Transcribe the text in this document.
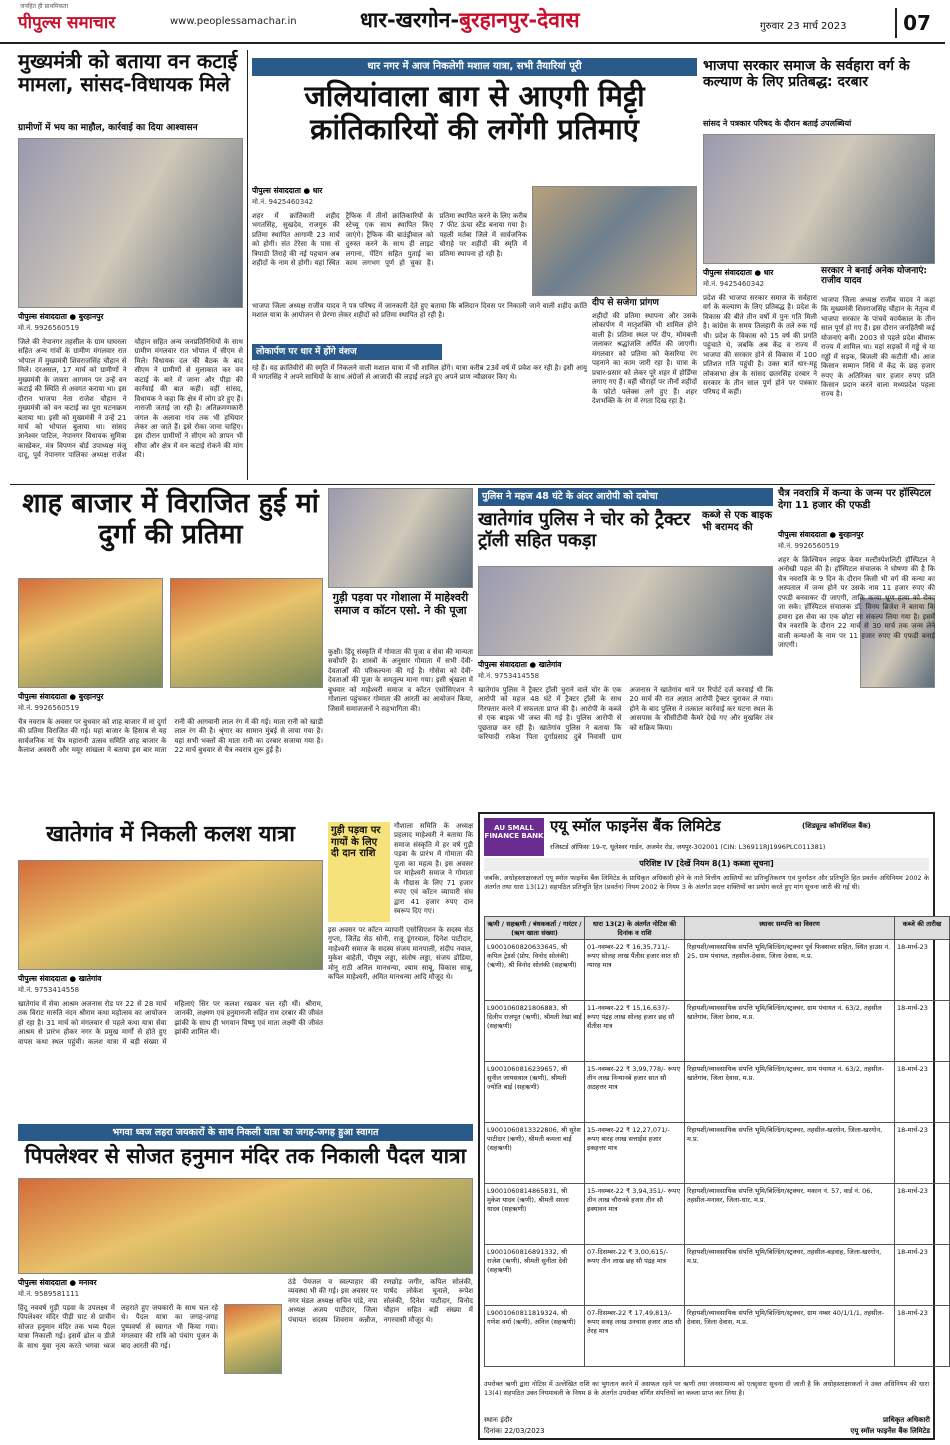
पीपुल्स समाचार
जनहित ही प्राथमिकता
www.peoplessamachar.in	धार-खरगोन-बुरहानपुर-देवास	गुरुवार 23 मार्च 2023	07
मुख्यमंत्री को बताया वन कटाई मामला, सांसद-विधायक मिले
ग्रामीणों में भय का माहौल, कार्रवाई का दिया आश्वासन
पीपुल्स संवाददाता ● बुरहानपुर
मो.नं. 9926560519
जिले की नेपानगर तहसील के ग्राम घाघरला सहित अन्य गांवों के ग्रामीण मंगलवार रात भोपाल में मुख्यमंत्री शिवराजसिंह चौहान से मिले। दरअसल, 17 मार्च को ग्रामीणों ने मुख्यमंत्री के जावरा आगमन पर उन्हें वन कटाई की स्थिति से अवगत कराया था। इस दौरान भाजपा नेता राजेश चौहान ने मुख्यमंत्री को वन कटाई का पूरा घटनाक्रम बताया था। इसी को मुख्यमंत्री ने उन्हें 21 मार्च को भोपाल बुलाया था। सांसद ज्ञानेश्वर पाटिल, नेपानगर विधायक सुमित्रा कास्डेकर, मंत्र विपणन बोर्ड उपाध्यक्ष मंजू दादू, पूर्व नेपानगर पालिका अध्यक्ष राजेश चौहान सहित अन्य जनप्रतिनिधियों के साथ ग्रामीण मंगलवार रात भोपाल में सीएम से मिले। विधायक दल की बैठक के बाद सीएम ने ग्रामीणों से मुलाकात कर वन कटाई के बारे में जाना और पीड़ा की कार्रवाई की बात कही। वहीं सांसद, विधायक ने कहा कि क्षेत्र में लोग डरे हुए हैं। नाराजी जताई जा रही है। अतिक्रमणकारी जंगल के अलावा गांव तक भी हथियार लेकर आ जाते हैं। इसे रोका जाना चाहिए। इस दौरान ग्रामीणों ने सीएम को ज्ञापन भी सौंपा और क्षेत्र में वन कटाई रोकने की मांग की।
धार नगर में आज निकलेगी मशाल यात्रा, सभी तैयारियां पूरी
जलियांवाला बाग से आएगी मिट्टी क्रांतिकारियों की लगेंगी प्रतिमाएं
पीपुल्स संवाददाता ● धार
मो.नं. 9425460342
शहर में क्रांतिकारी शहीद भगतसिंह, सुखदेव, राजगुरु की प्रतिमा स्थापित आगामी 23 मार्च को होगी। संत टेरेसा के पास से त्रिपाठी तिराहे की नई पहचान अब शहीदों के नाम से होगी। यहां स्थित ट्रैफिक में तीनों क्रांतिकारियों के स्टेच्यू एक साथ स्थापित किए जाएंगे। ट्रैफिक की बाउंड्रीवाल को दुरुस्त करने के साथ ही लाइट लगाना, पेंटिंग सहित पुताई का काम लगभग पूर्ण हो चुका है। प्रतिमा स्थापित करने के लिए करीब 7 फीट ऊंचा स्टैंड बनाया गया है। पहली मर्तबा जिले में सार्वजनिक चौराहे पर शहीदों की स्मृति में प्रतिमा स्थापना हो रही है।
दीप से सजेगा प्रांगण
शहीदों की प्रतिमा स्थापना और उसके लोकार्पण में मातृशक्ति भी शामिल होने वाली है। प्रतिमा स्थल पर दीप, मोमबत्ती जलाकर श्रद्धांजलि अर्पित की जाएगी। मंगलवार को प्रतिमा को केसरिया रंग पहनाने का काम जारी रहा है। यात्रा के प्रचार-प्रसार को लेकर पूरे शहर में होर्डिंग्स लगाए गए हैं। वहीं चौराहों पर तीनों शहीदों के फोटो फ्लेक्स लगे हुए हैं। शहर देशभक्ति के रंग में रंगता दिख रहा है।
भाजपा जिला अध्यक्ष राजीव यादव ने पत्र परिषद में जानकारी देते हुए बताया कि बलिदान दिवस पर निकाली जाने वाली शहीद क्रांति मशाल यात्रा के आयोजन से प्रेरणा लेकर शहीदों को प्रतिमा स्थापित हो रही है।
लोकार्पण पर धार में होंगे वंशज
रहे हैं। यह क्रांतिवीरों की स्मृति में निकलने वाली मशाल यात्रा में भी शामिल होंगे। यात्रा करीब 23वें वर्ष में प्रवेश कर रही है। इसी आयु में भगतसिंह ने अपने साथियों के साथ अंग्रेजों से आजादी की लड़ाई लड़ते हुए अपने प्राण न्यौछावर किए थे।
भाजपा सरकार समाज के सर्वहारा वर्ग के कल्याण के लिए प्रतिबद्ध: दरबार
सांसद ने पत्रकार परिषद के दौरान बताई उपलब्धियां
पीपुल्स संवाददाता ● धार
मो.नं. 9425460342
प्रदेश की भाजपा सरकार समाज के सर्वहारा वर्ग के कल्याण के लिए प्रतिबद्ध है। प्रदेश के विकास की बीते तीन वर्षों में पुनः गति मिली है। कांग्रेस के समय तिलहारी के तले रुक गई थी। प्रदेश के विकास को 15 वर्ष की प्रगति पहुंचाते थे, जबकि अब केंद्र व राज्य में भाजपा की सरकार होने से विकास में 100 प्रतिशत गति पहुंची है। उक्त बातें धार-महू लोकसभा क्षेत्र के सांसद छतरसिंह दरबार ने सरकार के तीन साल पूर्ण होने पर पत्रकार परिषद में कहीं।
सरकार ने बनाई अनेक योजनाएं: राजीव यादव
भाजपा जिला अध्यक्ष राजीव यादव ने कहा कि मुख्यमंत्री शिवराजसिंह चौहान के नेतृत्व में भाजपा सरकार के पांचवें कार्यकाल के तीन साल पूर्ण हो गए हैं। इस दौरान जनहितैषी कई योजनाएं बनीं। 2003 से पहले प्रदेश बीमारू राज्य में शामिल था। यहां सड़कों में गड्ढे थे या गड्ढों में सड़क, बिजली की कटौती थी। आज किसान सम्मान निधि में केंद्र के छह हजार रुपए के अतिरिक्त चार हजार रुपए प्रति किसान प्रदान करने वाला मध्यप्रदेश पहला राज्य है।
शाह बाजार में विराजित हुई मां दुर्गा की प्रतिमा
पीपुल्स संवाददाता ● बुरहानपुर
मो.नं. 9926560519
चैत्र नवरात्र के अवसर पर बुधवार को शाह बाजार में मां दुर्गा की प्रतिमा विराजित की गई। यहां बाजार के हिसाब से यह सार्वजनिक मां चैत्र महारानी उत्सव समिति शाह बाजार के कैलाश अवसरी और मयूर सांखला ने बताया इस बार माता रानी की आगवानी लाल रंग में की गई। माता रानी को खाडी लाल रंग की है। श्रृंगार का सामान मुंबई से लाया गया है। यहां सभी भक्तों की माता रानी का दरबार सजाया गया है। 22 मार्च बुधवार से चैत्र नवरात्र शुरू हुई है।
खातेगांव में निकली कलश यात्रा
पीपुल्स संवाददाता ● खातेगांव
मो.नं. 9753414558
खातेगांव में सेवा आश्रम अजनास रोड पर 22 से 28 मार्च तक विराट मारुति नंदन श्रीराम कथा महोत्सव का आयोजन हो रहा है। 31 मार्च को मंगलवार से पहले कथा यात्रा सेवा आश्रम से प्रारंभ होकर नगर के प्रमुख मार्गों से होते हुए वापस कथा स्थल पहुंची। कलश यात्रा में बड़ी संख्या में महिलाएं सिर पर कलश रखकर चल रही थीं। श्रीराम, जानकी, लक्ष्मण एवं हनुमानजी सहित राम दरबार की जीवंत झांकी के साथ ही भगवान विष्णु एवं माता लक्ष्मी की जीवंत झांकी शामिल थी।
गुड़ी पड़वा पर गोशाला में माहेश्वरी समाज व कॉटन एसो. ने की पूजा
कुक्षी। हिंदू संस्कृति में गोमाता की पूजा व सेवा की मान्यता सर्वोपरि है। शास्त्रों के अनुसार गोमाता में सभी देवी-देवताओं की परिकल्पना की गई है। गोसेवा को देवी-देवताओं की पूजा के समतुल्य माना गया। इसी श्रृंखला में बुधवार को माहेश्वरी समाज व कॉटन एसोसिएशन ने गोशाला पहुंचकर गोमाता की आरती का आयोजन किया, जिसमें समाजजनों ने सहभागिता की।
गुड़ी पड़वा पर गायों के लिए दी दान राशि
गौशाला समिति के अध्यक्ष प्रहलाद माहेश्वरी ने बताया कि समाज संस्कृति में हर वर्ष गुड़ी पड़वा के प्रारंभ में गोमाता की पूजा का महत्व है। इस अवसर पर माहेश्वरी समाज ने गोमाता के गौग्रास के लिए 71 हजार रुपए एवं कॉटन व्यापारी संघ द्वारा 41 हजार रुपए दान स्वरूप दिए गए।
इस अवसर पर कॉटन व्यापारी एसोसिएशन के सदस्य सेठ गुप्ता, जितेंद्र सेठ सोनी, राजू डूंगरवाल, दिनेश पाटीदार, माहेश्वरी समाज के सदस्य संजय मानपाली, संदीप नवाल, मुकेश बाहेती, पीयूष लड्डा, संतोष लड्डा, संजय डोडिया, मोनू राठी अनिल मानधन्या, श्याम साबू, विकास साबू, कपिल माहेश्वरी, अमित मानधन्या आदि मौजूद थे।
पुलिस ने महज 48 घंटे के अंदर आरोपी को दबोचा
खातेगांव पुलिस ने चोर को ट्रैक्टर ट्रॉली सहित पकड़ा
कब्जे से एक बाइक भी बरामद की
पीपुल्स संवाददाता ● खातेगांव
मो.नं. 9753414558
खातेगांव पुलिस ने ट्रैक्टर ट्रॉली चुराने वाले चोर के एक आरोपी को महज 48 घंटे में ट्रैक्टर ट्रॉली के साथ गिरफ्तार करने में सफलता प्राप्त की है। आरोपी के कब्जे से एक बाइक भी जब्त की गई है। पुलिस आरोपी से पूछताछ कर रही है। खातेगांव पुलिस ने बताया कि फरियादी राकेश पिता दुर्गाप्रसाद दुबे निवासी ग्राम अजनास ने खातेगांव थाने पर रिपोर्ट दर्ज करवाई थी कि 20 मार्च की रात अज्ञात आरोपी ट्रैक्टर चुराकर ले गया। होने के बाद पुलिस ने तत्काल कार्रवाई कर घटना स्थल के आसपास के सीसीटीवी कैमरे देखे गए और मुखबिर तंत्र को सक्रिय किया।
चैत्र नवरात्रि में कन्या के जन्म पर हॉस्पिटल देगा 11 हजार की एफडी
पीपुल्स संवाददाता ● बुरहानपुर
मो.नं. 9926560519
शहर के क्रिश्चियन लाइफ केयर मल्टीस्पेशलिटी हॉस्पिटल ने अनोखी पहल की है। हॉस्पिटल संचालक ने घोषणा की है कि चैत्र नवरात्रि के 9 दिन के दौरान किसी भी वर्ग की कन्या का अस्पताल में जन्म होने पर उसके नाम 11 हजार रुपए की एफडी बनवाकर दी जाएगी, ताकि कन्या भ्रूण हत्या को रोका जा सके। हॉस्पिटल संचालक डॉ. विनय ब्रिजेश ने बताया कि हमारा इस सेवा का एक छोटा सा संकल्प लिया गया है। इसमें चैत्र नवरात्रि के दौरान 22 मार्च से 30 मार्च तक जन्म लेने वाली कन्याओं के नाम पर 11 हजार रुपए की एफडी बनाई जाएगी।
AU SMALL FINANCE BANK
एयू स्मॉल फाइनेंस बैंक लिमिटेड	(शिड्यूल्ड कॉमर्शियल बैंक)
रजिस्टर्ड ऑफिसः 19-ए, धूलेश्वर गार्डन, अजमेर रोड, जयपुर-302001 (CIN: L36911RJ1996PLC011381)
परिशिष्ट IV [देखें नियम 8(1) कब्जा सूचना]
जबकि, अधोहस्ताक्षरकर्ता एयू स्मॉल फाइनेंस बैंक लिमिटेड के प्राधिकृत अधिकारी होने के नाते वित्तीय आस्तियों का प्रतिभूतिकरण एवं पुनर्गठन और प्रतिभूति हित प्रवर्तन अधिनियम 2002 के अंतर्गत तथा धारा 13(12) सहपठित प्रतिभूति हित (प्रवर्तन) नियम 2002 के नियम 3 के अंतर्गत प्रदत्त शक्तियों का प्रयोग करते हुए मांग सूचना जारी की गई थी।
ऋणी / सहऋणी / बंधककर्ता / गारंटर / (ऋण खाता संख्या)	धारा 13(2) के अंतर्गत नोटिस की दिनांक व राशि	स्थावर सम्पत्ति का विवरण	कब्जे की तारीख
L9001060820633645, श्री कपिल ट्रेडर्स (प्रोप. विनोद सोलंकी) (ऋणी), श्री विनोद सोलंकी (सहऋणी)	01-नवम्बर-22 ₹ 16,35,711/- रूपए सोलह लाख पैंतीस हजार सात सौ ग्यारह मात्र	रिहायशी/व्यावसायिक संपत्ति भूमि/बिल्डिंग/स्ट्रक्चर पूर्व फिक्सचर सहित, स्थित हाउस नं. 25, ग्राम पंचायत, तहसील-देवास, जिला देवास, म.प्र.	18-मार्च-23
L9001060821806883, श्री दिलीप राजपूत (ऋणी), श्रीमती रेखा बाई (सहऋणी)	11-नवम्बर-22 ₹ 15,16,637/- रूपए पंद्रह लाख सोलह हजार छह सौ सैंतीस मात्र	रिहायशी/व्यावसायिक संपत्ति भूमि/बिल्डिंग/स्ट्रक्चर, ग्राम पंचायत नं. 63/2, तहसील खातेगांव, जिला देवास, म.प्र.	18-मार्च-23
L9001060816239657, श्री सुनील जायसवाल (ऋणी), श्रीमती ज्योति बाई (सहऋणी)	15-नवम्बर-22 ₹ 3,99,778/- रूपए तीन लाख निन्यानबे हजार सात सौ अठहत्तर मात्र	रिहायशी/व्यावसायिक संपत्ति भूमि/बिल्डिंग/स्ट्रक्चर, ग्राम पंचायत नं. 63/2, तहसील-खातेगांव, जिला देवास, म.प्र.	18-मार्च-23
L9001060813322806, श्री सुरेश पाटीदार (ऋणी), श्रीमती कमला बाई (सहऋणी)	15-नवम्बर-22 ₹ 12,27,071/- रूपए बारह लाख सत्ताईस हजार इकहत्तर मात्र	रिहायशी/व्यावसायिक संपत्ति भूमि/बिल्डिंग/स्ट्रक्चर, तहसील-खरगोन, जिला-खरगोन, म.प्र.	18-मार्च-23
L9001060814865831, श्री मुकेश यादव (ऋणी), श्रीमती सरला यादव (सहऋणी)	15-नवम्बर-22 ₹ 3,94,351/- रूपए तीन लाख चौरानबे हजार तीन सौ इक्यावन मात्र	रिहायशी/व्यावसायिक संपत्ति भूमि/बिल्डिंग/स्ट्रक्चर, मकान नं. 57, वार्ड नं. 06, तहसील-मनावर, जिला-धार, म.प्र.	18-मार्च-23
L9001060816891332, श्री राजेश (ऋणी), श्रीमती सुनीता देवी (सहऋणी)	07-दिसम्बर-22 ₹ 3,00,615/- रूपए तीन लाख छह सौ पंद्रह मात्र	रिहायशी/व्यावसायिक संपत्ति भूमि/बिल्डिंग/स्ट्रक्चर, तहसील-बड़वाह, जिला-खरगोन, म.प्र.	18-मार्च-23
L9001060811819324, श्री गणेश वर्मा (ऋणी), अनिल (सहऋणी)	07-दिसम्बर-22 ₹ 17,49,813/- रूपए सत्रह लाख उनचास हजार आठ सौ तेरह मात्र	रिहायशी/व्यावसायिक संपत्ति भूमि/बिल्डिंग/स्ट्रक्चर, ग्राम नम्बर 40/1/1/1, तहसील-देवास, जिला देवास, म.प्र.	18-मार्च-23
उपरोक्त ऋणी द्वारा नोटिस में उल्लेखित राशि का भुगतान करने में असफल रहने पर ऋणी तथा जनसामान्य को एतद्द्वारा सूचना दी जाती है कि अधोहस्ताक्षरकर्ता ने उक्त अधिनियम की धारा 13(4) सहपठित उक्त नियमावली के नियम 8 के अंतर्गत उपरोक्त वर्णित संपत्तियों का कब्जा प्राप्त कर लिया है।
स्थानः इंदौर
दिनांकः 22/03/2023
प्राधिकृत अधिकारी
एयू स्मॉल फाइनेंस बैंक लिमिटेड
भगवा ध्वज लहरा जयकारों के साथ निकली यात्रा का जगह-जगह हुआ स्वागत
पिपलेश्वर से सोजत हनुमान मंदिर तक निकाली पैदल यात्रा
पीपुल्स संवाददाता ● मनावर
मो.नं. 9589581111
हिंदू नववर्ष गुड़ी पड़वा के उपलक्ष्य में पिपलेश्वर मंदिर पीड़ी घाट से प्राचीन सोजत हनुमान मंदिर तक भव्य पैदल यात्रा निकाली गई। इसमें ढोल व डीजे के साथ युवा नृत्य करते भगवा ध्वज लहराते हुए जयकारों के साथ चल रहे थे। पैदल यात्रा का जगह-जगह पुष्पवर्षा से स्वागत भी किया गया। मंगलवार की रात्रि को पंचांग पूजन के बाद आरती की गई।
ठंडे पेयजल व स्वल्पाहार की व्यवस्था भी की गई। इस अवसर पर नगर मंडल अध्यक्ष सचिन पांडे, नपा अध्यक्ष अजय पाटीदार, जिला पंचायत सदस्य शिवराम कन्नौज, रणछोड़ जगीर, कपिल सोलंकी, पार्षद लोकेश चूनाले, रूपेश सोलंकी, दिनेश पाटीदार, विनोद चौहान सहित बड़ी संख्या में नगरवासी मौजूद थे।
